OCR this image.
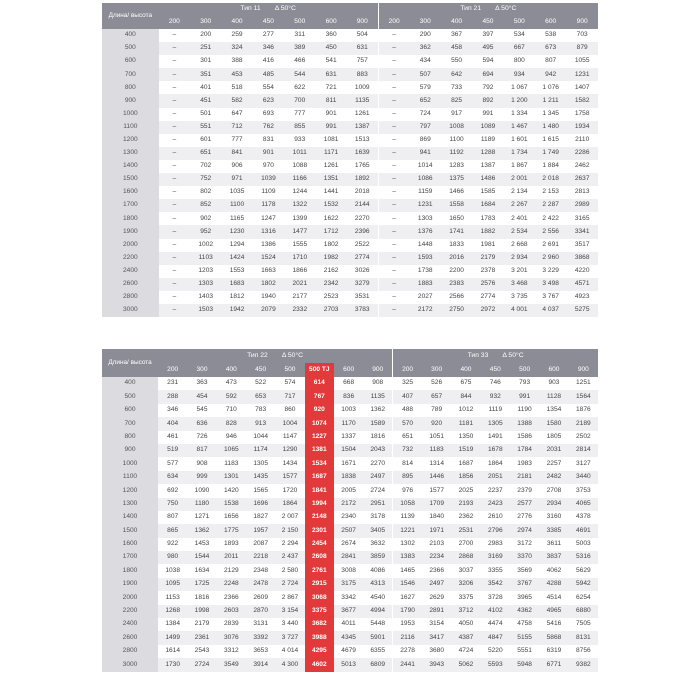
Длина/ высота	Тип 11 Δ 50°C							Тип 21 Δ 50°C						
	200	300	400	450	500	600	900	200	300	400	450	500	600	900
400	–	200	259	277	311	360	504	–	290	367	397	534	538	703
500	–	251	324	346	389	450	631	–	362	458	495	667	673	879
600	–	301	388	416	466	541	757	–	434	550	594	800	807	1055
700	–	351	453	485	544	631	883	–	507	642	694	934	942	1231
800	–	401	518	554	622	721	1009	–	579	733	792	1 067	1 076	1407
900	–	451	582	623	700	811	1135	–	652	825	892	1 200	1 211	1582
1000	–	501	647	693	777	901	1261	–	724	917	991	1 334	1 345	1758
1100	–	551	712	762	855	991	1387	–	797	1008	1089	1 467	1 480	1934
1200	–	601	777	831	933	1081	1513	–	869	1100	1189	1 601	1 615	2110
1300	–	651	841	901	1011	1171	1639	–	941	1192	1288	1 734	1 749	2286
1400	–	702	906	970	1088	1261	1765	–	1014	1283	1387	1 867	1 884	2462
1500	–	752	971	1039	1166	1351	1892	–	1086	1375	1486	2 001	2 018	2637
1600	–	802	1035	1109	1244	1441	2018	–	1159	1466	1585	2 134	2 153	2813
1700	–	852	1100	1178	1322	1532	2144	–	1231	1558	1684	2 267	2 287	2989
1800	–	902	1165	1247	1399	1622	2270	–	1303	1650	1783	2 401	2 422	3165
1900	–	952	1230	1316	1477	1712	2396	–	1376	1741	1882	2 534	2 556	3341
2000	–	1002	1294	1386	1555	1802	2522	–	1448	1833	1981	2 668	2 691	3517
2200	–	1103	1424	1524	1710	1982	2774	–	1593	2016	2179	2 934	2 960	3868
2400	–	1203	1553	1663	1866	2162	3026	–	1738	2200	2378	3 201	3 229	4220
2600	–	1303	1683	1802	2021	2342	3279	–	1883	2383	2576	3 468	3 498	4571
2800	–	1403	1812	1940	2177	2523	3531	–	2027	2566	2774	3 735	3 767	4923
3000	–	1503	1942	2079	2332	2703	3783	–	2172	2750	2972	4 001	4 037	5275
Длина/ высота	Тип 22 Δ 50°C								Тип 33 Δ 50°C						
	200	300	400	450	500	500 TJ	600	900	200	300	400	450	500	600	900
400	231	363	473	522	574	614	668	908	325	526	675	746	793	903	1251
500	288	454	592	653	717	767	836	1135	407	657	844	932	991	1128	1564
600	346	545	710	783	860	920	1003	1362	488	789	1012	1119	1190	1354	1876
700	404	636	828	913	1004	1074	1170	1589	570	920	1181	1305	1388	1580	2189
800	461	726	946	1044	1147	1227	1337	1816	651	1051	1350	1491	1586	1805	2502
900	519	817	1065	1174	1290	1381	1504	2043	732	1183	1519	1678	1784	2031	2814
1000	577	908	1183	1305	1434	1534	1671	2270	814	1314	1687	1864	1983	2257	3127
1100	634	999	1301	1435	1577	1687	1838	2497	895	1446	1856	2051	2181	2482	3440
1200	692	1090	1420	1565	1720	1841	2005	2724	976	1577	2025	2237	2379	2708	3753
1300	750	1180	1538	1696	1864	1994	2172	2951	1058	1709	2193	2423	2577	2934	4065
1400	807	1271	1656	1827	2 007	2148	2340	3178	1139	1840	2362	2610	2776	3160	4378
1500	865	1362	1775	1957	2 150	2301	2507	3405	1221	1971	2531	2796	2974	3385	4691
1600	922	1453	1893	2087	2 294	2454	2674	3632	1302	2103	2700	2983	3172	3611	5003
1700	980	1544	2011	2218	2 437	2608	2841	3859	1383	2234	2868	3169	3370	3837	5316
1800	1038	1634	2129	2348	2 580	2761	3008	4086	1465	2366	3037	3355	3569	4062	5629
1900	1095	1725	2248	2478	2 724	2915	3175	4313	1546	2497	3206	3542	3767	4288	5942
2000	1153	1816	2366	2609	2 867	3068	3342	4540	1627	2629	3375	3728	3965	4514	6254
2200	1268	1998	2603	2870	3 154	3375	3677	4994	1790	2891	3712	4102	4362	4965	6880
2400	1384	2179	2839	3131	3 440	3682	4011	5448	1953	3154	4050	4474	4758	5416	7505
2600	1499	2361	3076	3392	3 727	3988	4345	5901	2116	3417	4387	4847	5155	5868	8131
2800	1614	2543	3312	3653	4 014	4295	4679	6355	2278	3680	4724	5220	5551	6319	8756
3000	1730	2724	3549	3914	4 300	4602	5013	6809	2441	3943	5062	5593	5948	6771	9382
